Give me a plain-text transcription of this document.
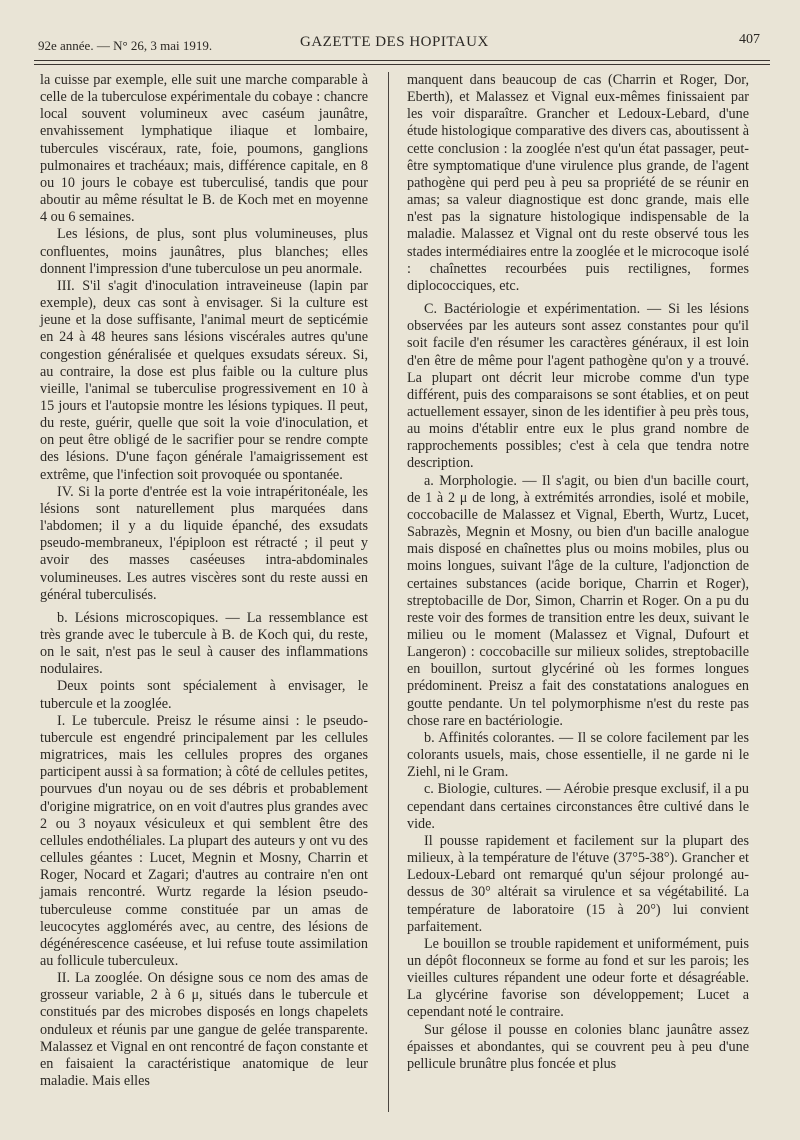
92e année. — N° 26, 3 mai 1919.	GAZETTE DES HOPITAUX	407

la cuisse par exemple, elle suit une marche comparable à celle de la tuberculose expérimentale du cobaye : chancre local souvent volumineux avec caséum jaunâtre, envahissement lymphatique iliaque et lombaire, tubercules viscéraux, rate, foie, poumons, ganglions pulmonaires et trachéaux; mais, différence capitale, en 8 ou 10 jours le cobaye est tuberculisé, tandis que pour aboutir au même résultat le B. de Koch met en moyenne 4 ou 6 semaines.

Les lésions, de plus, sont plus volumineuses, plus confluentes, moins jaunâtres, plus blanches; elles donnent l'impression d'une tuberculose un peu anormale.

III. S'il s'agit d'inoculation intraveineuse (lapin par exemple), deux cas sont à envisager. Si la culture est jeune et la dose suffisante, l'animal meurt de septicémie en 24 à 48 heures sans lésions viscérales autres qu'une congestion généralisée et quelques exsudats séreux. Si, au contraire, la dose est plus faible ou la culture plus vieille, l'animal se tuberculise progressivement en 10 à 15 jours et l'autopsie montre les lésions typiques. Il peut, du reste, guérir, quelle que soit la voie d'inoculation, et on peut être obligé de le sacrifier pour se rendre compte des lésions. D'une façon générale l'amaigrissement est extrême, que l'infection soit provoquée ou spontanée.

IV. Si la porte d'entrée est la voie intrapéritonéale, les lésions sont naturellement plus marquées dans l'abdomen; il y a du liquide épanché, des exsudats pseudo-membraneux, l'épiploon est rétracté ; il peut y avoir des masses caséeuses intra-abdominales volumineuses. Les autres viscères sont du reste aussi en général tuberculisés.

b. Lésions microscopiques. — La ressemblance est très grande avec le tubercule à B. de Koch qui, du reste, on le sait, n'est pas le seul à causer des inflammations nodulaires.

Deux points sont spécialement à envisager, le tubercule et la zooglée.

I. Le tubercule. Preisz le résume ainsi : le pseudo-tubercule est engendré principalement par les cellules migratrices, mais les cellules propres des organes participent aussi à sa formation; à côté de cellules petites, pourvues d'un noyau ou de ses débris et probablement d'origine migratrice, on en voit d'autres plus grandes avec 2 ou 3 noyaux vésiculeux et qui semblent être des cellules endothéliales. La plupart des auteurs y ont vu des cellules géantes : Lucet, Megnin et Mosny, Charrin et Roger, Nocard et Zagari; d'autres au contraire n'en ont jamais rencontré. Wurtz regarde la lésion pseudo-tuberculeuse comme constituée par un amas de leucocytes agglomérés avec, au centre, des lésions de dégénérescence caséeuse, et lui refuse toute assimilation au follicule tuberculeux.

II. La zooglée. On désigne sous ce nom des amas de grosseur variable, 2 à 6 μ, situés dans le tubercule et constitués par des microbes disposés en longs chapelets onduleux et réunis par une gangue de gelée transparente. Malassez et Vignal en ont rencontré de façon constante et en faisaient la caractéristique anatomique de leur maladie. Mais elles

manquent dans beaucoup de cas (Charrin et Roger, Dor, Eberth), et Malassez et Vignal eux-mêmes finissaient par les voir disparaître. Grancher et Ledoux-Lebard, d'une étude histologique comparative des divers cas, aboutissent à cette conclusion : la zooglée n'est qu'un état passager, peut-être symptomatique d'une virulence plus grande, de l'agent pathogène qui perd peu à peu sa propriété de se réunir en amas; sa valeur diagnostique est donc grande, mais elle n'est pas la signature histologique indispensable de la maladie. Malassez et Vignal ont du reste observé tous les stades intermédiaires entre la zooglée et le microcoque isolé : chaînettes recourbées puis rectilignes, formes diplococciques, etc.

C. Bactériologie et expérimentation. — Si les lésions observées par les auteurs sont assez constantes pour qu'il soit facile d'en résumer les caractères généraux, il est loin d'en être de même pour l'agent pathogène qu'on y a trouvé. La plupart ont décrit leur microbe comme d'un type différent, puis des comparaisons se sont établies, et on peut actuellement essayer, sinon de les identifier à peu près tous, au moins d'établir entre eux le plus grand nombre de rapprochements possibles; c'est à cela que tendra notre description.

a. Morphologie. — Il s'agit, ou bien d'un bacille court, de 1 à 2 μ de long, à extrémités arrondies, isolé et mobile, coccobacille de Malassez et Vignal, Eberth, Wurtz, Lucet, Sabrazès, Megnin et Mosny, ou bien d'un bacille analogue mais disposé en chaînettes plus ou moins mobiles, plus ou moins longues, suivant l'âge de la culture, l'adjonction de certaines substances (acide borique, Charrin et Roger), streptobacille de Dor, Simon, Charrin et Roger. On a pu du reste voir des formes de transition entre les deux, suivant le milieu ou le moment (Malassez et Vignal, Dufourt et Langeron) : coccobacille sur milieux solides, streptobacille en bouillon, surtout glycériné où les formes longues prédominent. Preisz a fait des constatations analogues en goutte pendante. Un tel polymorphisme n'est du reste pas chose rare en bactériologie.

b. Affinités colorantes. — Il se colore facilement par les colorants usuels, mais, chose essentielle, il ne garde ni le Ziehl, ni le Gram.

c. Biologie, cultures. — Aérobie presque exclusif, il a pu cependant dans certaines circonstances être cultivé dans le vide.

Il pousse rapidement et facilement sur la plupart des milieux, à la température de l'étuve (37°5-38°). Grancher et Ledoux-Lebard ont remarqué qu'un séjour prolongé au-dessus de 30° altérait sa virulence et sa végétabilité. La température de laboratoire (15 à 20°) lui convient parfaitement.

Le bouillon se trouble rapidement et uniformément, puis un dépôt floconneux se forme au fond et sur les parois; les vieilles cultures répandent une odeur forte et désagréable. La glycérine favorise son développement; Lucet a cependant noté le contraire.

Sur gélose il pousse en colonies blanc jaunâtre assez épaisses et abondantes, qui se couvrent peu à peu d'une pellicule brunâtre plus foncée et plus
